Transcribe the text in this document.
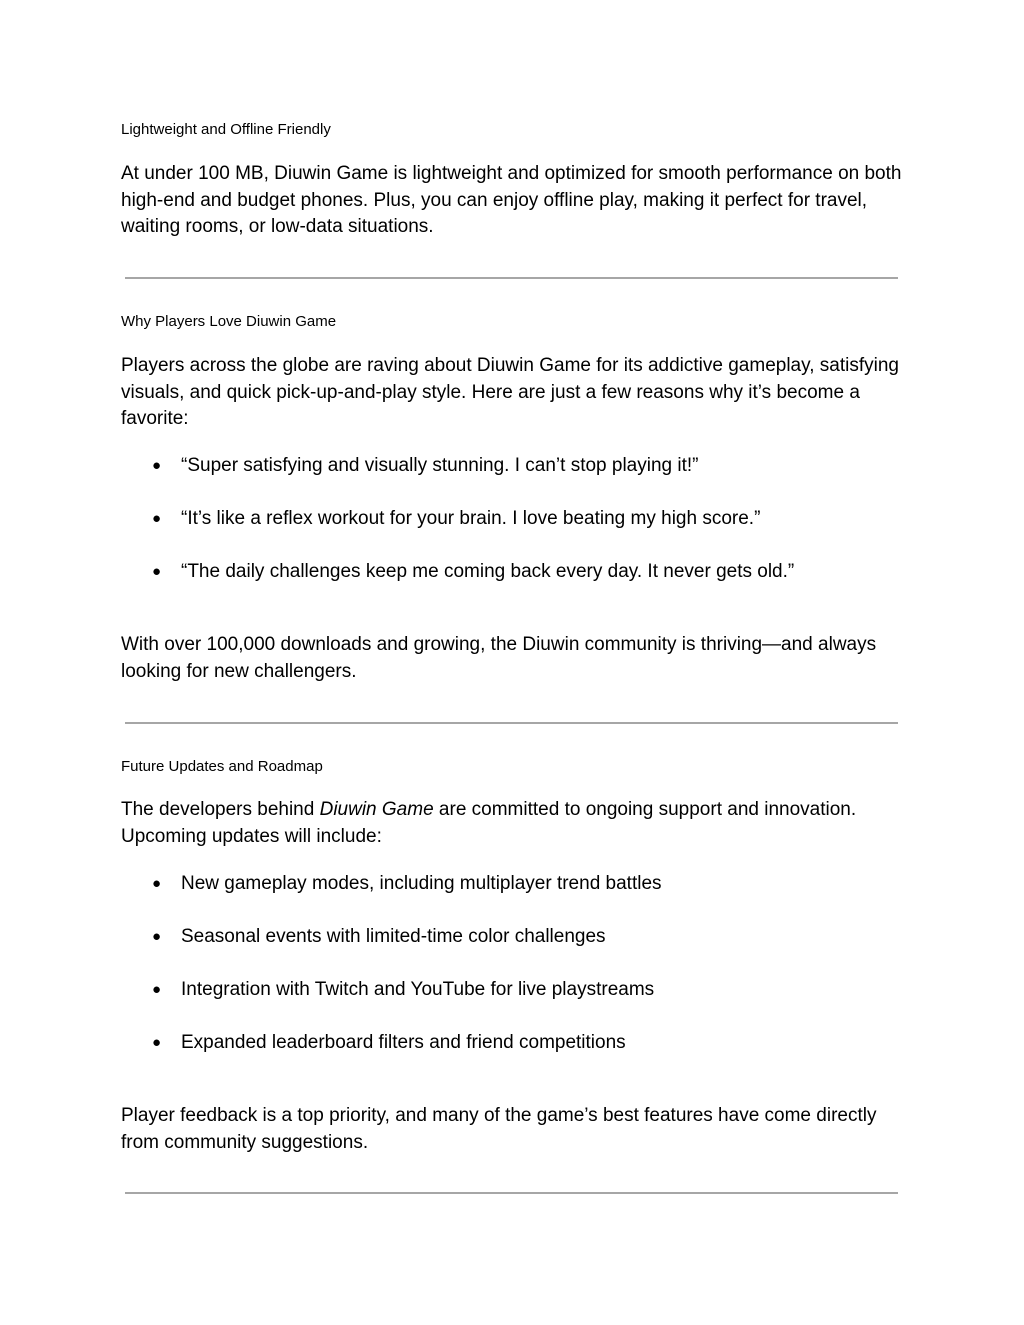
Lightweight and Offline Friendly

At under 100 MB, Diuwin Game is lightweight and optimized for smooth performance on both high-end and budget phones. Plus, you can enjoy offline play, making it perfect for travel, waiting rooms, or low-data situations.

Why Players Love Diuwin Game

Players across the globe are raving about Diuwin Game for its addictive gameplay, satisfying visuals, and quick pick-up-and-play style. Here are just a few reasons why it’s become a favorite:

● “Super satisfying and visually stunning. I can’t stop playing it!”
● “It’s like a reflex workout for your brain. I love beating my high score.”
● “The daily challenges keep me coming back every day. It never gets old.”

With over 100,000 downloads and growing, the Diuwin community is thriving—and always looking for new challengers.

Future Updates and Roadmap

The developers behind Diuwin Game are committed to ongoing support and innovation. Upcoming updates will include:

● New gameplay modes, including multiplayer trend battles
● Seasonal events with limited-time color challenges
● Integration with Twitch and YouTube for live playstreams
● Expanded leaderboard filters and friend competitions

Player feedback is a top priority, and many of the game’s best features have come directly from community suggestions.
